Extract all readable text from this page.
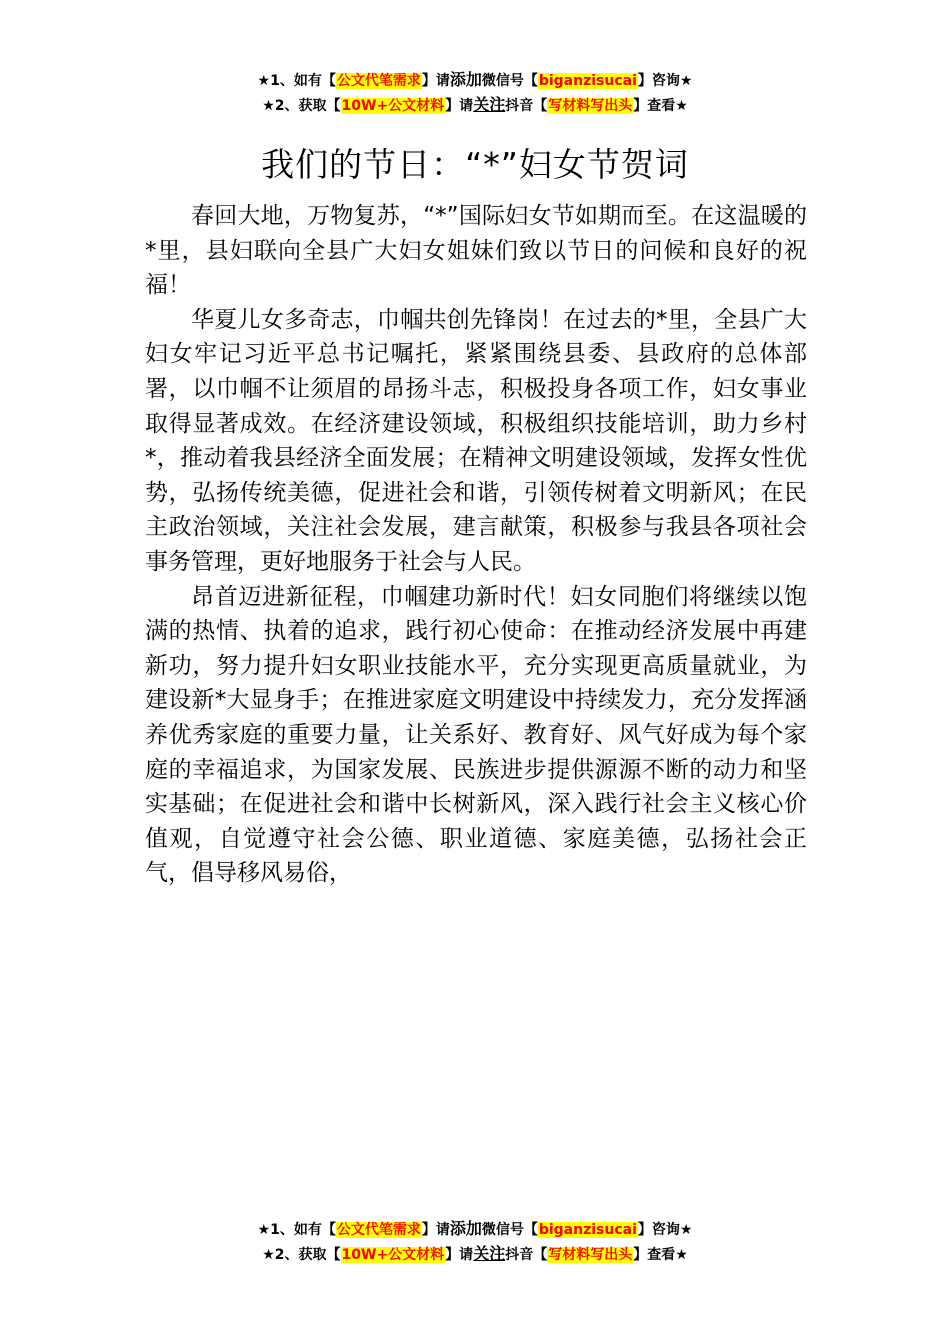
★1、如有【公文代笔需求】请添加微信号【biganzisucai】咨询★
★2、获取【10W+公文材料】请关注抖音【写材料写出头】查看★
我们的节日：“*”妇女节贺词

春回大地，万物复苏，“*”国际妇女节如期而至。在这温暖的*里，县妇联向全县广大妇女姐妹们致以节日的问候和良好的祝福！

华夏儿女多奇志，巾帼共创先锋岗！在过去的*里，全县广大妇女牢记习近平总书记嘱托，紧紧围绕县委、县政府的总体部署，以巾帼不让须眉的昂扬斗志，积极投身各项工作，妇女事业取得显著成效。在经济建设领域，积极组织技能培训，助力乡村*，推动着我县经济全面发展；在精神文明建设领域，发挥女性优势，弘扬传统美德，促进社会和谐，引领传树着文明新风；在民主政治领域，关注社会发展，建言献策，积极参与我县各项社会事务管理，更好地服务于社会与人民。

昂首迈进新征程，巾帼建功新时代！妇女同胞们将继续以饱满的热情、执着的追求，践行初心使命：在推动经济发展中再建新功，努力提升妇女职业技能水平，充分实现更高质量就业，为建设新*大显身手；在推进家庭文明建设中持续发力，充分发挥涵养优秀家庭的重要力量，让关系好、教育好、风气好成为每个家庭的幸福追求，为国家发展、民族进步提供源源不断的动力和坚实基础；在促进社会和谐中长树新风，深入践行社会主义核心价值观，自觉遵守社会公德、职业道德、家庭美德，弘扬社会正气，倡导移风易俗，

★1、如有【公文代笔需求】请添加微信号【biganzisucai】咨询★
★2、获取【10W+公文材料】请关注抖音【写材料写出头】查看★
